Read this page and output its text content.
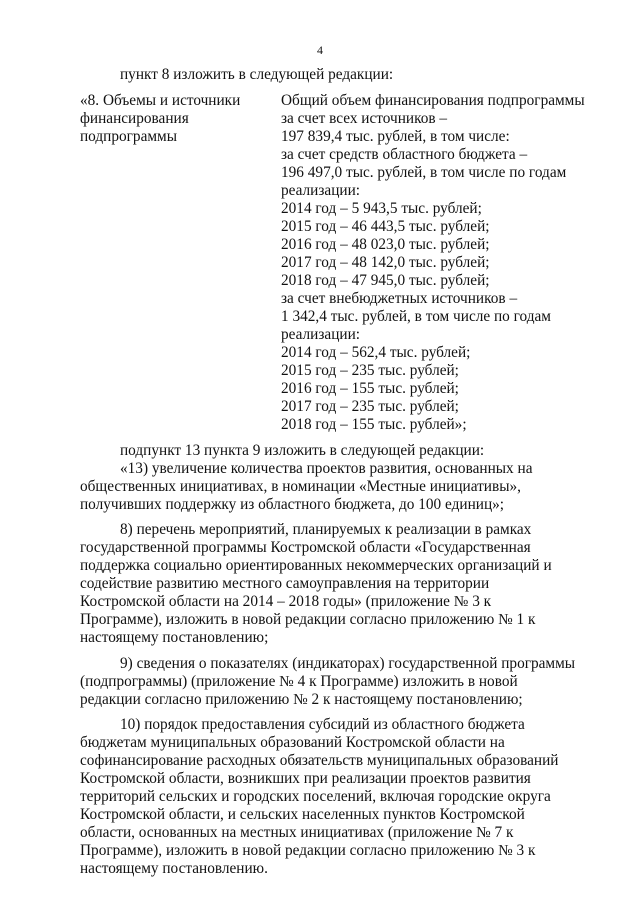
4
пункт 8 изложить в следующей редакции:
«8. Объемы и источники
финансирования
подпрограммы
Общий объем финансирования подпрограммы
за счет всех источников –
197 839,4 тыс. рублей, в том числе:
за счет средств областного бюджета –
196 497,0 тыс. рублей, в том числе по годам
реализации:
2014 год – 5 943,5 тыс. рублей;
2015 год – 46 443,5 тыс. рублей;
2016 год – 48 023,0 тыс. рублей;
2017 год – 48 142,0 тыс. рублей;
2018 год – 47 945,0 тыс. рублей;
за счет внебюджетных источников –
1 342,4 тыс. рублей, в том числе по годам
реализации:
2014 год – 562,4 тыс. рублей;
2015 год – 235 тыс. рублей;
2016 год – 155 тыс. рублей;
2017 год – 235 тыс. рублей;
2018 год – 155 тыс. рублей»;
подпункт 13 пункта 9 изложить в следующей редакции:
«13) увеличение количества проектов развития, основанных на
общественных инициативах, в номинации «Местные инициативы»,
получивших поддержку из областного бюджета, до 100 единиц»;
8) перечень мероприятий, планируемых к реализации в рамках
государственной программы Костромской области «Государственная
поддержка социально ориентированных некоммерческих организаций и
содействие развитию местного самоуправления на территории
Костромской области на 2014 – 2018 годы» (приложение № 3 к
Программе), изложить в новой редакции согласно приложению № 1 к
настоящему постановлению;
9) сведения о показателях (индикаторах) государственной программы
(подпрограммы) (приложение № 4 к Программе) изложить в новой
редакции согласно приложению № 2 к настоящему постановлению;
10) порядок предоставления субсидий из областного бюджета
бюджетам муниципальных образований Костромской области на
софинансирование расходных обязательств муниципальных образований
Костромской области, возникших при реализации проектов развития
территорий сельских и городских поселений, включая городские округа
Костромской области, и сельских населенных пунктов Костромской
области, основанных на местных инициативах (приложение № 7 к
Программе), изложить в новой редакции согласно приложению № 3 к
настоящему постановлению.
